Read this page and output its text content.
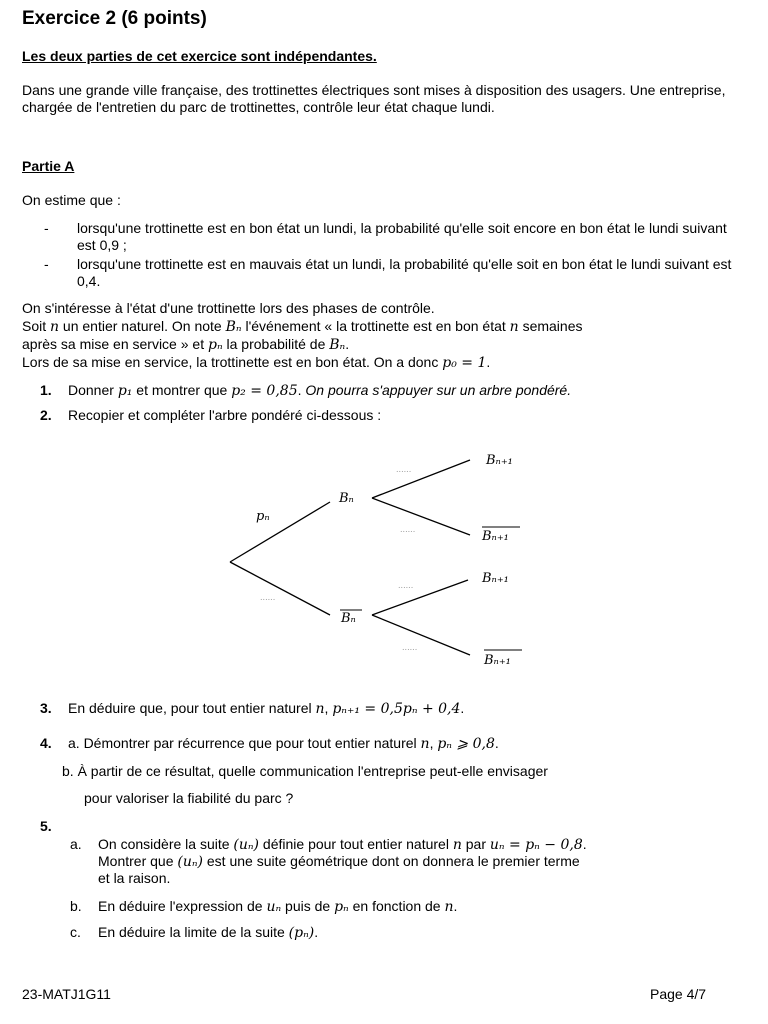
Exercice 2 (6 points)
Les deux parties de cet exercice sont indépendantes.
Dans une grande ville française, des trottinettes électriques sont mises à disposition des usagers. Une entreprise, chargée de l'entretien du parc de trottinettes, contrôle leur état chaque lundi.
Partie A
On estime que :
- lorsqu'une trottinette est en bon état un lundi, la probabilité qu'elle soit encore en bon état le lundi suivant est 0,9 ;
- lorsqu'une trottinette est en mauvais état un lundi, la probabilité qu'elle soit en bon état le lundi suivant est 0,4.
On s'intéresse à l'état d'une trottinette lors des phases de contrôle.
Soit n un entier naturel. On note Bₙ l'événement « la trottinette est en bon état n semaines
après sa mise en service » et pₙ la probabilité de Bₙ.
Lors de sa mise en service, la trottinette est en bon état. On a donc p₀ = 1.
1. Donner p₁ et montrer que p₂ = 0,85. On pourra s'appuyer sur un arbre pondéré.
2. Recopier et compléter l'arbre pondéré ci-dessous :
pₙ
Bₙ
Bₙ
Bₙ₊₁
Bₙ₊₁
Bₙ₊₁
Bₙ₊₁
......
......
......
......
......
3. En déduire que, pour tout entier naturel n, pₙ₊₁ = 0,5pₙ + 0,4.
4. a. Démontrer par récurrence que pour tout entier naturel n, pₙ ⩾ 0,8.
b. À partir de ce résultat, quelle communication l'entreprise peut-elle envisager
pour valoriser la fiabilité du parc ?
5.
a. On considère la suite (uₙ) définie pour tout entier naturel n par uₙ = pₙ − 0,8.
Montrer que (uₙ) est une suite géométrique dont on donnera le premier terme
et la raison.
b. En déduire l'expression de uₙ puis de pₙ en fonction de n.
c. En déduire la limite de la suite (pₙ).
23-MATJ1G11	Page 4/7
